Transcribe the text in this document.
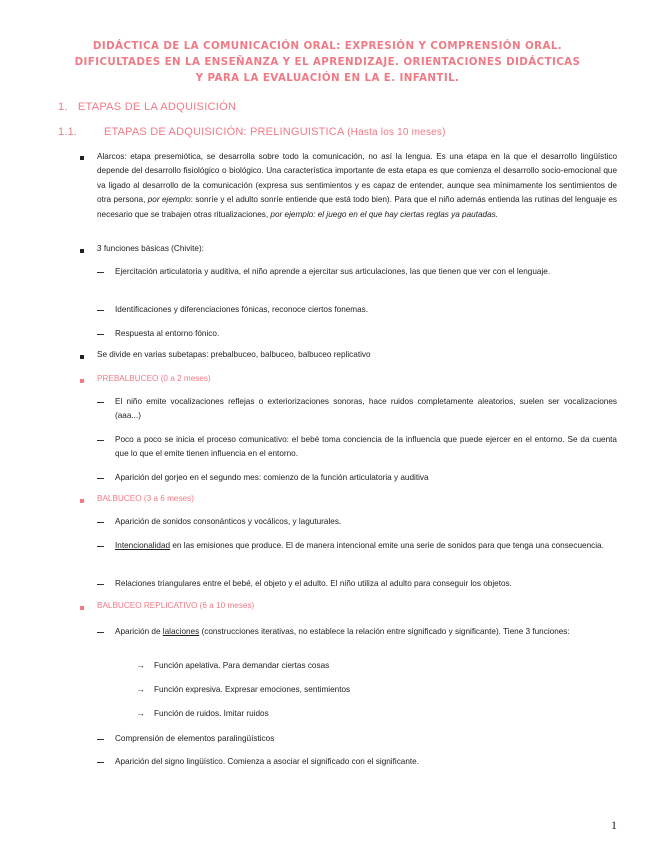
DIDÁCTICA DE LA COMUNICACIÓN ORAL: EXPRESIÓN Y COMPRENSIÓN ORAL.
DIFICULTADES EN LA ENSEÑANZA Y EL APRENDIZAJE. ORIENTACIONES DIDÁCTICAS
Y PARA LA EVALUACIÓN EN LA E. INFANTIL.
1. ETAPAS DE LA ADQUISICIÓN
1.1. ETAPAS DE ADQUISICIÓN: PRELINGUISTICA (Hasta los 10 meses)
Alarcos: etapa presemiótica, se desarrolla sobre todo la comunicación, no así la lengua. Es una etapa en la que el desarrollo lingüístico depende del desarrollo fisiológico o biológico. Una característica importante de esta etapa es que comienza el desarrollo socio-emocional que va ligado al desarrollo de la comunicación (expresa sus sentimientos y es capaz de entender, aunque sea mínimamente los sentimientos de otra persona, por ejemplo: sonríe y el adulto sonríe entiende que está todo bien). Para que el niño además entienda las rutinas del lenguaje es necesario que se trabajen otras ritualizaciones, por ejemplo: el juego en el que hay ciertas reglas ya pautadas.
3 funciones básicas (Chivite):
Ejercitación articulatoria y auditiva, el niño aprende a ejercitar sus articulaciones, las que tienen que ver con el lenguaje.
Identificaciones y diferenciaciones fónicas, reconoce ciertos fonemas.
Respuesta al entorno fónico.
Se divide en varias subetapas: prebalbuceo, balbuceo, balbuceo replicativo
PREBALBUCEO (0 a 2 meses)
El niño emite vocalizaciones reflejas o exteriorizaciones sonoras, hace ruidos completamente aleatorios, suelen ser vocalizaciones (aaa...)
Poco a poco se inicia el proceso comunicativo: el bebé toma conciencia de la influencia que puede ejercer en el entorno. Se da cuenta que lo que el emite tienen influencia en el entorno.
Aparición del gorjeo en el segundo mes: comienzo de la función articulatoria y auditiva
BALBUCEO (3 a 6 meses)
Aparición de sonidos consonánticos y vocálicos, y laguturales.
Intencionalidad en las emisiones que produce. El de manera intencional emite una serie de sonidos para que tenga una consecuencia.
Relaciones triangulares entre el bebé, el objeto y el adulto. El niño utiliza al adulto para conseguir los objetos.
BALBUCEO REPLICATIVO (6 a 10 meses)
Aparición de lalaciones (construcciones iterativas, no establece la relación entre significado y significante). Tiene 3 funciones:
→ Función apelativa. Para demandar ciertas cosas
→ Función expresiva. Expresar emociones, sentimientos
→ Función de ruidos. Imitar ruidos
Comprensión de elementos paralingüísticos
Aparición del signo lingüístico. Comienza a asociar el significado con el significante.
1
